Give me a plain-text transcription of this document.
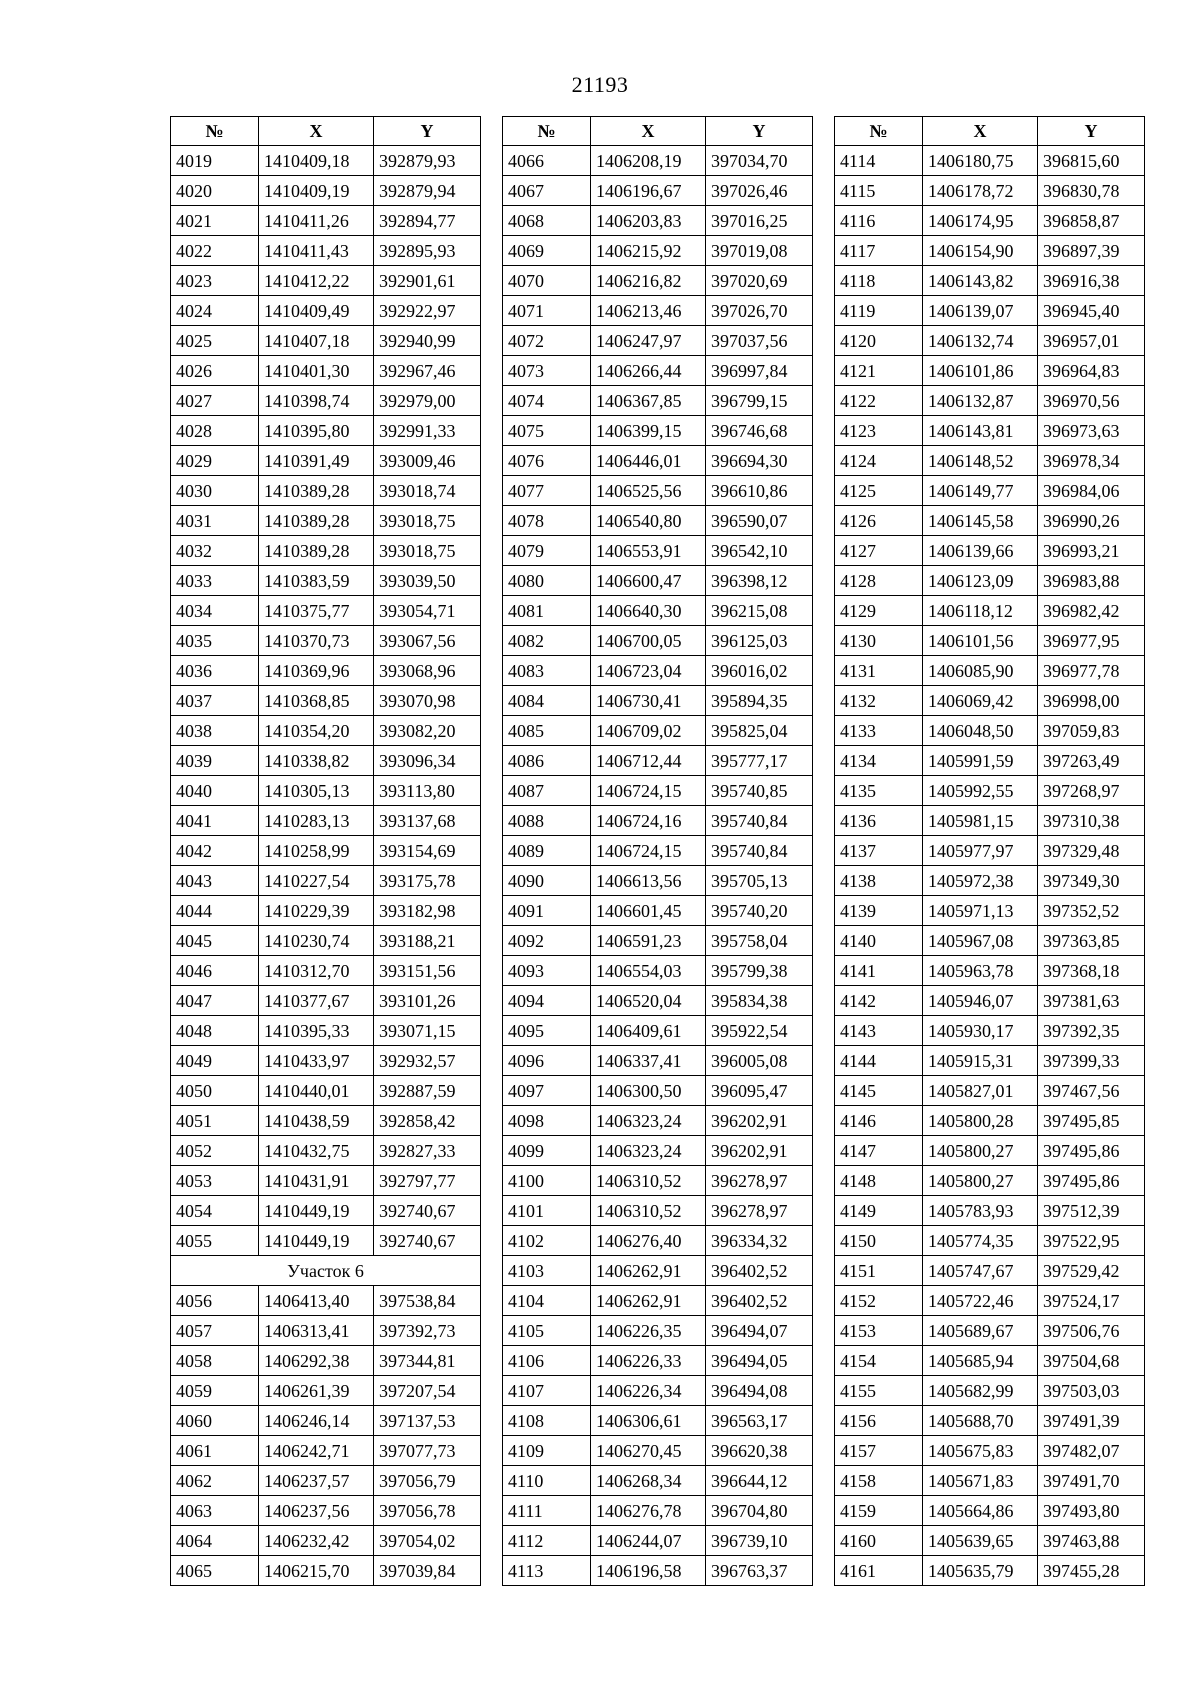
21193
№	X	Y
4019	1410409,18	392879,93
4020	1410409,19	392879,94
4021	1410411,26	392894,77
4022	1410411,43	392895,93
4023	1410412,22	392901,61
4024	1410409,49	392922,97
4025	1410407,18	392940,99
4026	1410401,30	392967,46
4027	1410398,74	392979,00
4028	1410395,80	392991,33
4029	1410391,49	393009,46
4030	1410389,28	393018,74
4031	1410389,28	393018,75
4032	1410389,28	393018,75
4033	1410383,59	393039,50
4034	1410375,77	393054,71
4035	1410370,73	393067,56
4036	1410369,96	393068,96
4037	1410368,85	393070,98
4038	1410354,20	393082,20
4039	1410338,82	393096,34
4040	1410305,13	393113,80
4041	1410283,13	393137,68
4042	1410258,99	393154,69
4043	1410227,54	393175,78
4044	1410229,39	393182,98
4045	1410230,74	393188,21
4046	1410312,70	393151,56
4047	1410377,67	393101,26
4048	1410395,33	393071,15
4049	1410433,97	392932,57
4050	1410440,01	392887,59
4051	1410438,59	392858,42
4052	1410432,75	392827,33
4053	1410431,91	392797,77
4054	1410449,19	392740,67
4055	1410449,19	392740,67
Участок 6		
4056	1406413,40	397538,84
4057	1406313,41	397392,73
4058	1406292,38	397344,81
4059	1406261,39	397207,54
4060	1406246,14	397137,53
4061	1406242,71	397077,73
4062	1406237,57	397056,79
4063	1406237,56	397056,78
4064	1406232,42	397054,02
4065	1406215,70	397039,84
№	X	Y
4066	1406208,19	397034,70
4067	1406196,67	397026,46
4068	1406203,83	397016,25
4069	1406215,92	397019,08
4070	1406216,82	397020,69
4071	1406213,46	397026,70
4072	1406247,97	397037,56
4073	1406266,44	396997,84
4074	1406367,85	396799,15
4075	1406399,15	396746,68
4076	1406446,01	396694,30
4077	1406525,56	396610,86
4078	1406540,80	396590,07
4079	1406553,91	396542,10
4080	1406600,47	396398,12
4081	1406640,30	396215,08
4082	1406700,05	396125,03
4083	1406723,04	396016,02
4084	1406730,41	395894,35
4085	1406709,02	395825,04
4086	1406712,44	395777,17
4087	1406724,15	395740,85
4088	1406724,16	395740,84
4089	1406724,15	395740,84
4090	1406613,56	395705,13
4091	1406601,45	395740,20
4092	1406591,23	395758,04
4093	1406554,03	395799,38
4094	1406520,04	395834,38
4095	1406409,61	395922,54
4096	1406337,41	396005,08
4097	1406300,50	396095,47
4098	1406323,24	396202,91
4099	1406323,24	396202,91
4100	1406310,52	396278,97
4101	1406310,52	396278,97
4102	1406276,40	396334,32
4103	1406262,91	396402,52
4104	1406262,91	396402,52
4105	1406226,35	396494,07
4106	1406226,33	396494,05
4107	1406226,34	396494,08
4108	1406306,61	396563,17
4109	1406270,45	396620,38
4110	1406268,34	396644,12
4111	1406276,78	396704,80
4112	1406244,07	396739,10
4113	1406196,58	396763,37
№	X	Y
4114	1406180,75	396815,60
4115	1406178,72	396830,78
4116	1406174,95	396858,87
4117	1406154,90	396897,39
4118	1406143,82	396916,38
4119	1406139,07	396945,40
4120	1406132,74	396957,01
4121	1406101,86	396964,83
4122	1406132,87	396970,56
4123	1406143,81	396973,63
4124	1406148,52	396978,34
4125	1406149,77	396984,06
4126	1406145,58	396990,26
4127	1406139,66	396993,21
4128	1406123,09	396983,88
4129	1406118,12	396982,42
4130	1406101,56	396977,95
4131	1406085,90	396977,78
4132	1406069,42	396998,00
4133	1406048,50	397059,83
4134	1405991,59	397263,49
4135	1405992,55	397268,97
4136	1405981,15	397310,38
4137	1405977,97	397329,48
4138	1405972,38	397349,30
4139	1405971,13	397352,52
4140	1405967,08	397363,85
4141	1405963,78	397368,18
4142	1405946,07	397381,63
4143	1405930,17	397392,35
4144	1405915,31	397399,33
4145	1405827,01	397467,56
4146	1405800,28	397495,85
4147	1405800,27	397495,86
4148	1405800,27	397495,86
4149	1405783,93	397512,39
4150	1405774,35	397522,95
4151	1405747,67	397529,42
4152	1405722,46	397524,17
4153	1405689,67	397506,76
4154	1405685,94	397504,68
4155	1405682,99	397503,03
4156	1405688,70	397491,39
4157	1405675,83	397482,07
4158	1405671,83	397491,70
4159	1405664,86	397493,80
4160	1405639,65	397463,88
4161	1405635,79	397455,28
